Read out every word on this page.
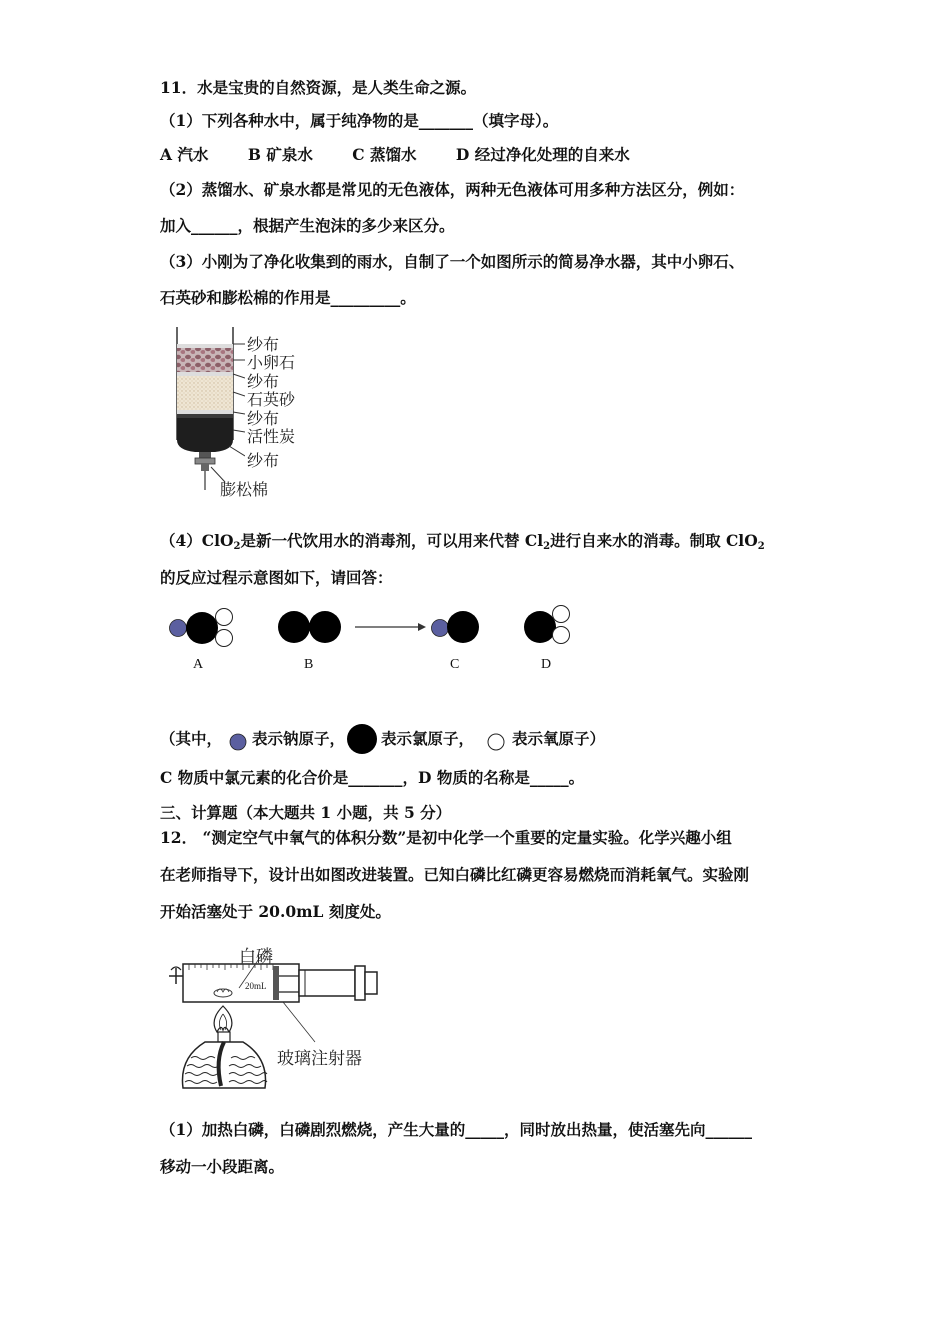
11．水是宝贵的自然资源，是人类生命之源。
（1）下列各种水中，属于纯净物的是_______（填字母）。
A 汽水	B 矿泉水	C 蒸馏水	D 经过净化处理的自来水
（2）蒸馏水、矿泉水都是常见的无色液体，两种无色液体可用多种方法区分，例如：
加入______，根据产生泡沫的多少来区分。
（3）小刚为了净化收集到的雨水，自制了一个如图所示的简易净水器，其中小卵石、
石英砂和膨松棉的作用是_________。
纱布
小卵石
纱布
石英砂
纱布
活性炭
纱布
膨松棉
（4）ClO$_2$是新一代饮用水的消毒剂，可以用来代替 $Cl_2$进行自来水的消毒。制取 ClO$_2$
的反应过程示意图如下，请回答：
A	B	C	D
（其中， 表示钠原子， 表示氯原子， 表示氧原子）
C 物质中氯元素的化合价是_______，D 物质的名称是_____。
三、计算题（本大题共 1 小题，共 5 分）
12． “测定空气中氧气的体积分数”是初中化学一个重要的定量实验。化学兴趣小组
在老师指导下，设计出如图改进装置。已知白磷比红磷更容易燃烧而消耗氧气。实验刚
开始活塞处于 20.0mL 刻度处。
白磷
20mL
玻璃注射器
（1）加热白磷，白磷剧烈燃烧，产生大量的_____，同时放出热量，使活塞先向______
移动一小段距离。
